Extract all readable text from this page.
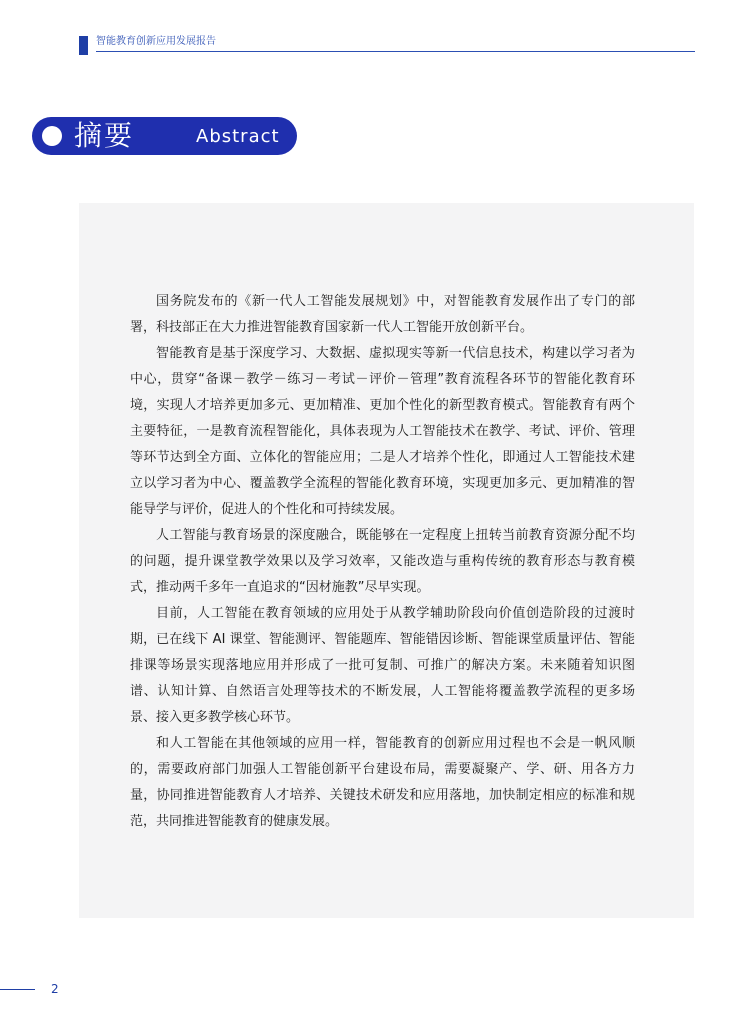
智能教育创新应用发展报告
摘要	Abstract

国务院发布的《新一代人工智能发展规划》中，对智能教育发展作出了专门的部署，科技部正在大力推进智能教育国家新一代人工智能开放创新平台。

智能教育是基于深度学习、大数据、虚拟现实等新一代信息技术，构建以学习者为中心，贯穿“备课－教学－练习－考试－评价－管理”教育流程各环节的智能化教育环境，实现人才培养更加多元、更加精准、更加个性化的新型教育模式。智能教育有两个主要特征，一是教育流程智能化，具体表现为人工智能技术在教学、考试、评价、管理等环节达到全方面、立体化的智能应用；二是人才培养个性化，即通过人工智能技术建立以学习者为中心、覆盖教学全流程的智能化教育环境，实现更加多元、更加精准的智能导学与评价，促进人的个性化和可持续发展。

人工智能与教育场景的深度融合，既能够在一定程度上扭转当前教育资源分配不均的问题，提升课堂教学效果以及学习效率，又能改造与重构传统的教育形态与教育模式，推动两千多年一直追求的“因材施教”尽早实现。

目前，人工智能在教育领域的应用处于从教学辅助阶段向价值创造阶段的过渡时期，已在线下 AI 课堂、智能测评、智能题库、智能错因诊断、智能课堂质量评估、智能排课等场景实现落地应用并形成了一批可复制、可推广的解决方案。未来随着知识图谱、认知计算、自然语言处理等技术的不断发展，人工智能将覆盖教学流程的更多场景、接入更多教学核心环节。

和人工智能在其他领域的应用一样，智能教育的创新应用过程也不会是一帆风顺的，需要政府部门加强人工智能创新平台建设布局，需要凝聚产、学、研、用各方力量，协同推进智能教育人才培养、关键技术研发和应用落地，加快制定相应的标准和规范，共同推进智能教育的健康发展。

2
